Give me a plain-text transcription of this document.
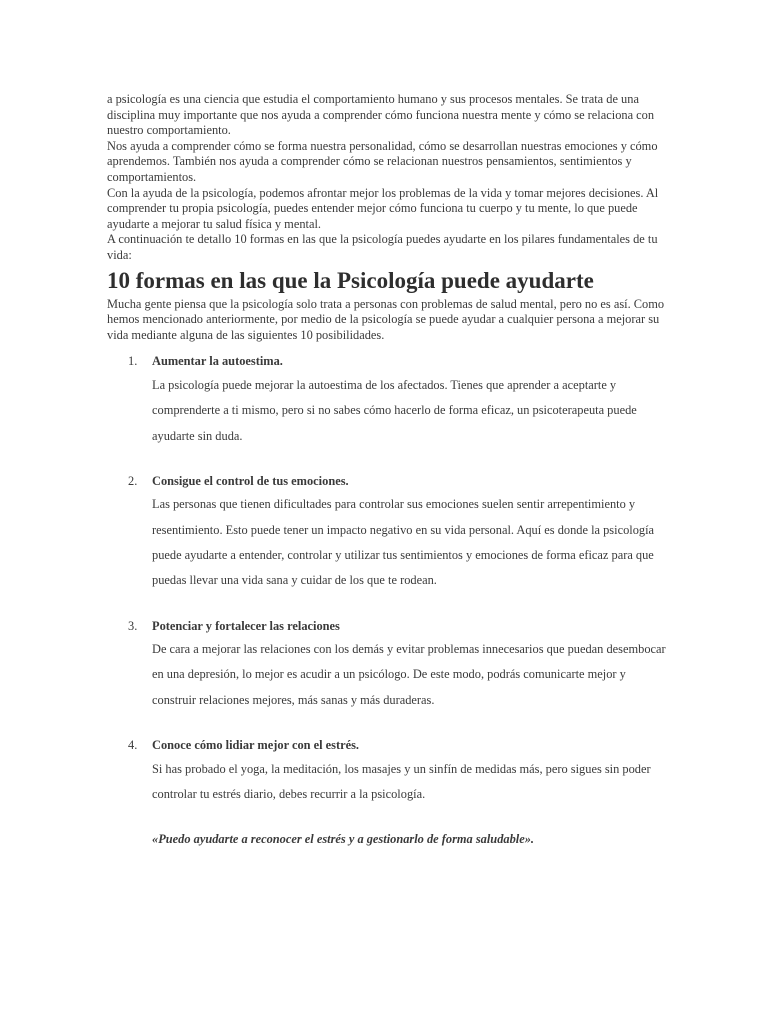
a psicología es una ciencia que estudia el comportamiento humano y sus procesos mentales. Se trata de una disciplina muy importante que nos ayuda a comprender cómo funciona nuestra mente y cómo se relaciona con nuestro comportamiento.

Nos ayuda a comprender cómo se forma nuestra personalidad, cómo se desarrollan nuestras emociones y cómo aprendemos. También nos ayuda a comprender cómo se relacionan nuestros pensamientos, sentimientos y comportamientos.

Con la ayuda de la psicología, podemos afrontar mejor los problemas de la vida y tomar mejores decisiones. Al comprender tu propia psicología, puedes entender mejor cómo funciona tu cuerpo y tu mente, lo que puede ayudarte a mejorar tu salud física y mental.

A continuación te detallo 10 formas en las que la psicología puedes ayudarte en los pilares fundamentales de tu vida:

10 formas en las que la Psicología puede ayudarte

Mucha gente piensa que la psicología solo trata a personas con problemas de salud mental, pero no es así. Como hemos mencionado anteriormente, por medio de la psicología se puede ayudar a cualquier persona a mejorar su vida mediante alguna de las siguientes 10 posibilidades.

1. Aumentar la autoestima.

La psicología puede mejorar la autoestima de los afectados. Tienes que aprender a aceptarte y comprenderte a ti mismo, pero si no sabes cómo hacerlo de forma eficaz, un psicoterapeuta puede ayudarte sin duda.

2. Consigue el control de tus emociones.

Las personas que tienen dificultades para controlar sus emociones suelen sentir arrepentimiento y resentimiento. Esto puede tener un impacto negativo en su vida personal. Aquí es donde la psicología puede ayudarte a entender, controlar y utilizar tus sentimientos y emociones de forma eficaz para que puedas llevar una vida sana y cuidar de los que te rodean.

3. Potenciar y fortalecer las relaciones

De cara a mejorar las relaciones con los demás y evitar problemas innecesarios que puedan desembocar en una depresión, lo mejor es acudir a un psicólogo. De este modo, podrás comunicarte mejor y construir relaciones mejores, más sanas y más duraderas.

4. Conoce cómo lidiar mejor con el estrés.

Si has probado el yoga, la meditación, los masajes y un sinfín de medidas más, pero sigues sin poder controlar tu estrés diario, debes recurrir a la psicología.

«Puedo ayudarte a reconocer el estrés y a gestionarlo de forma saludable».
